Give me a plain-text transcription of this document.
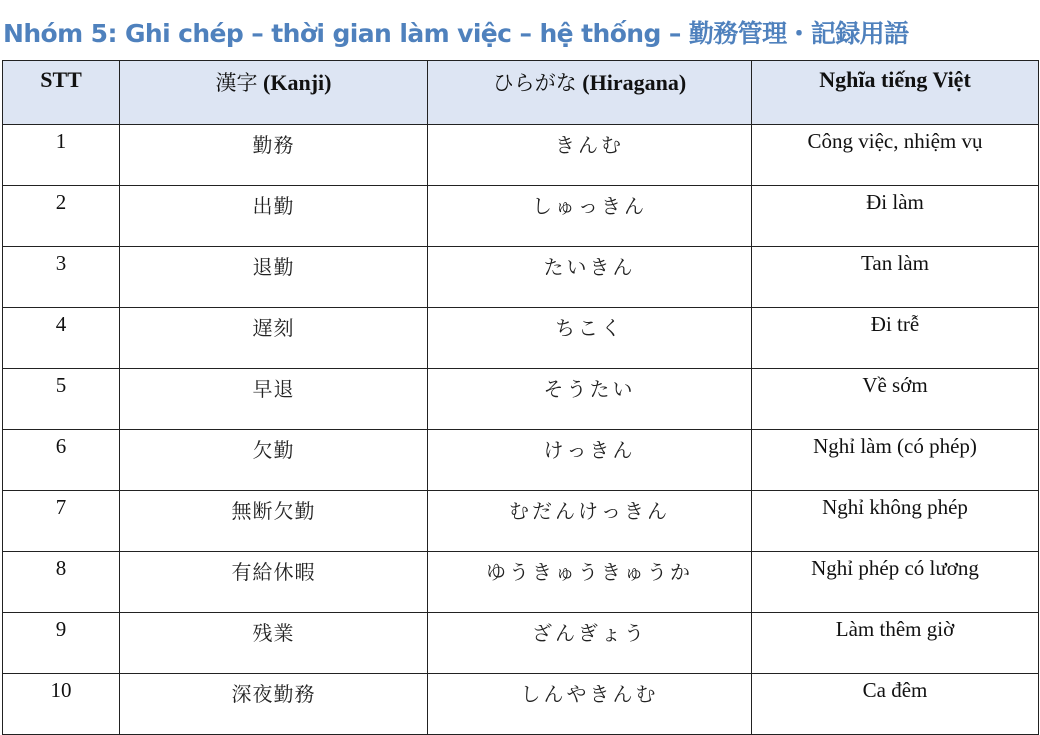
Nhóm 5: Ghi chép – thời gian làm việc – hệ thống – 勤務管理・記録用語
STT	漢字 (Kanji)	ひらがな (Hiragana)	Nghĩa tiếng Việt
1	勤務	きんむ	Công việc, nhiệm vụ
2	出勤	しゅっきん	Đi làm
3	退勤	たいきん	Tan làm
4	遅刻	ちこく	Đi trễ
5	早退	そうたい	Về sớm
6	欠勤	けっきん	Nghỉ làm (có phép)
7	無断欠勤	むだんけっきん	Nghỉ không phép
8	有給休暇	ゆうきゅうきゅうか	Nghỉ phép có lương
9	残業	ざんぎょう	Làm thêm giờ
10	深夜勤務	しんやきんむ	Ca đêm
